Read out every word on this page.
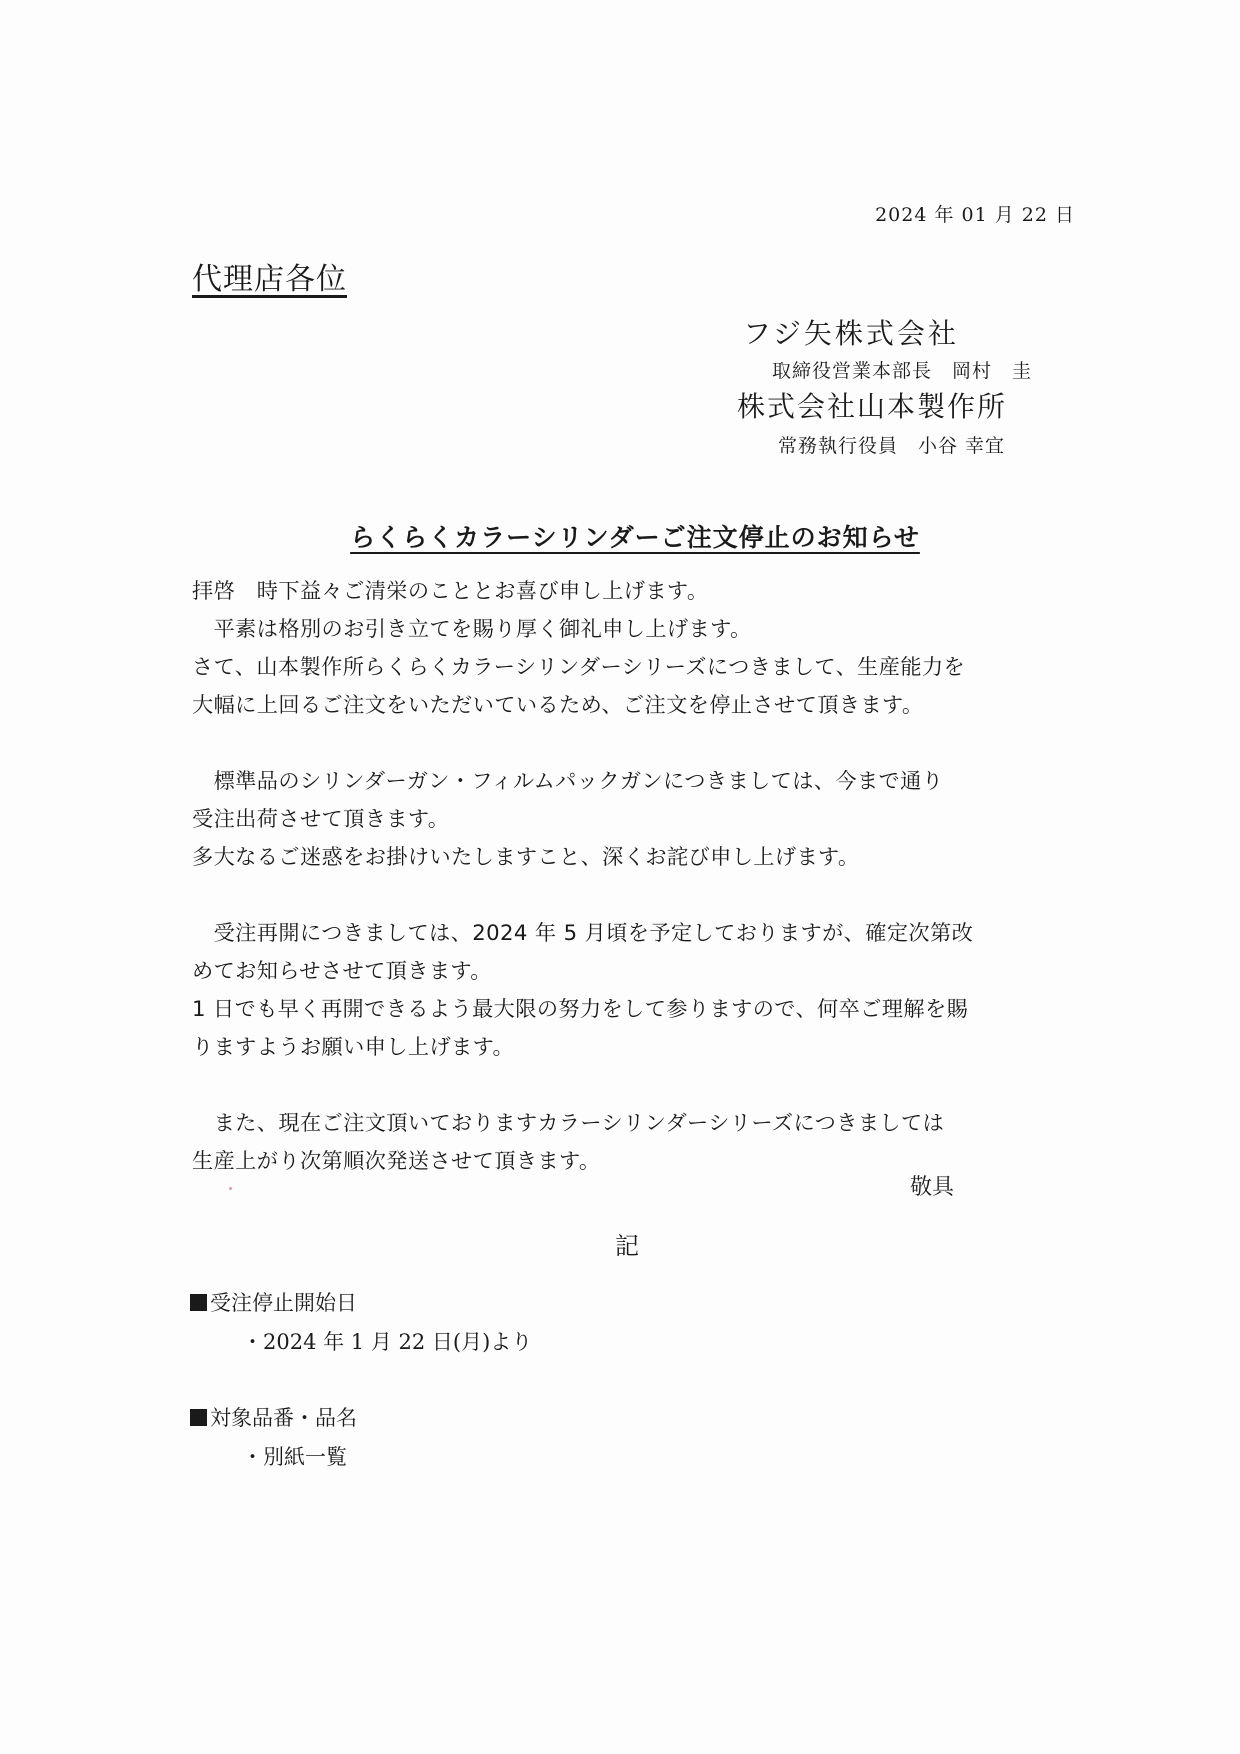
2024 年 01 月 22 日
代理店各位
フジ矢株式会社
取締役営業本部長　岡村　圭
株式会社山本製作所
常務執行役員　小谷 幸宜
らくらくカラーシリンダーご注文停止のお知らせ

拝啓　時下益々ご清栄のこととお喜び申し上げます。

　平素は格別のお引き立てを賜り厚く御礼申し上げます。

さて、山本製作所らくらくカラーシリンダーシリーズにつきまして、生産能力を

大幅に上回るご注文をいただいているため、ご注文を停止させて頂きます。

　標準品のシリンダーガン・フィルムパックガンにつきましては、今まで通り

受注出荷させて頂きます。

多大なるご迷惑をお掛けいたしますこと、深くお詫び申し上げます。

　受注再開につきましては、2024 年 5 月頃を予定しておりますが、確定次第改

めてお知らせさせて頂きます。

1 日でも早く再開できるよう最大限の努力をして参りますので、何卒ご理解を賜

りますようお願い申し上げます。

　また、現在ご注文頂いておりますカラーシリンダーシリーズにつきましては

生産上がり次第順次発送させて頂きます。

敬具
記
受注停止開始日
・2024 年 1 月 22 日(月)より
対象品番・品名
・別紙一覧
